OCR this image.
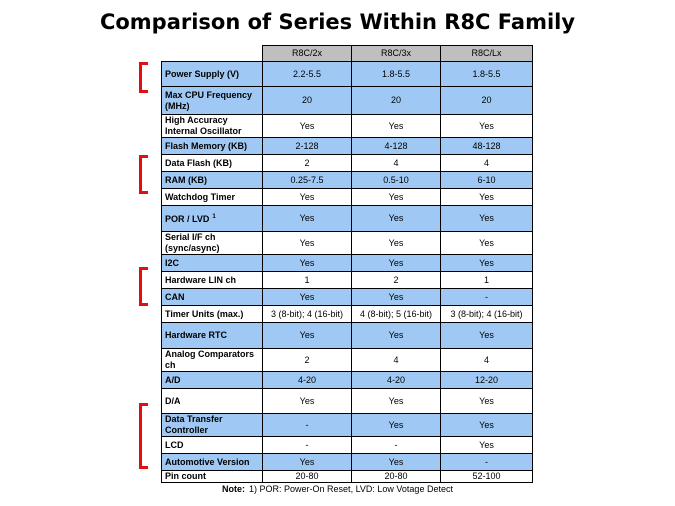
Comparison of Series Within R8C Family
	R8C/2x	R8C/3x	R8C/Lx
Power Supply (V)	2.2-5.5	1.8-5.5	1.8-5.5
Max CPU Frequency (MHz)	20	20	20
High Accuracy Internal Oscillator	Yes	Yes	Yes
Flash Memory (KB)	2-128	4-128	48-128
Data Flash (KB)	2	4	4
RAM (KB)	0.25-7.5	0.5-10	6-10
Watchdog Timer	Yes	Yes	Yes
POR / LVD $^1$	Yes	Yes	Yes
Serial I/F ch (sync/async)	Yes	Yes	Yes
I2C	Yes	Yes	Yes
Hardware LIN ch	1	2	1
CAN	Yes	Yes	-
Timer Units (max.)	3 (8-bit); 4 (16-bit)	4 (8-bit); 5 (16-bit)	3 (8-bit); 4 (16-bit)
Hardware RTC	Yes	Yes	Yes
Analog Comparators ch	2	4	4
A/D	4-20	4-20	12-20
D/A	Yes	Yes	Yes
Data Transfer Controller	-	Yes	Yes
LCD	-	-	Yes
Automotive Version	Yes	Yes	-
Pin count	20-80	20-80	52-100
Note: 1) POR: Power-On Reset, LVD: Low Votage Detect
